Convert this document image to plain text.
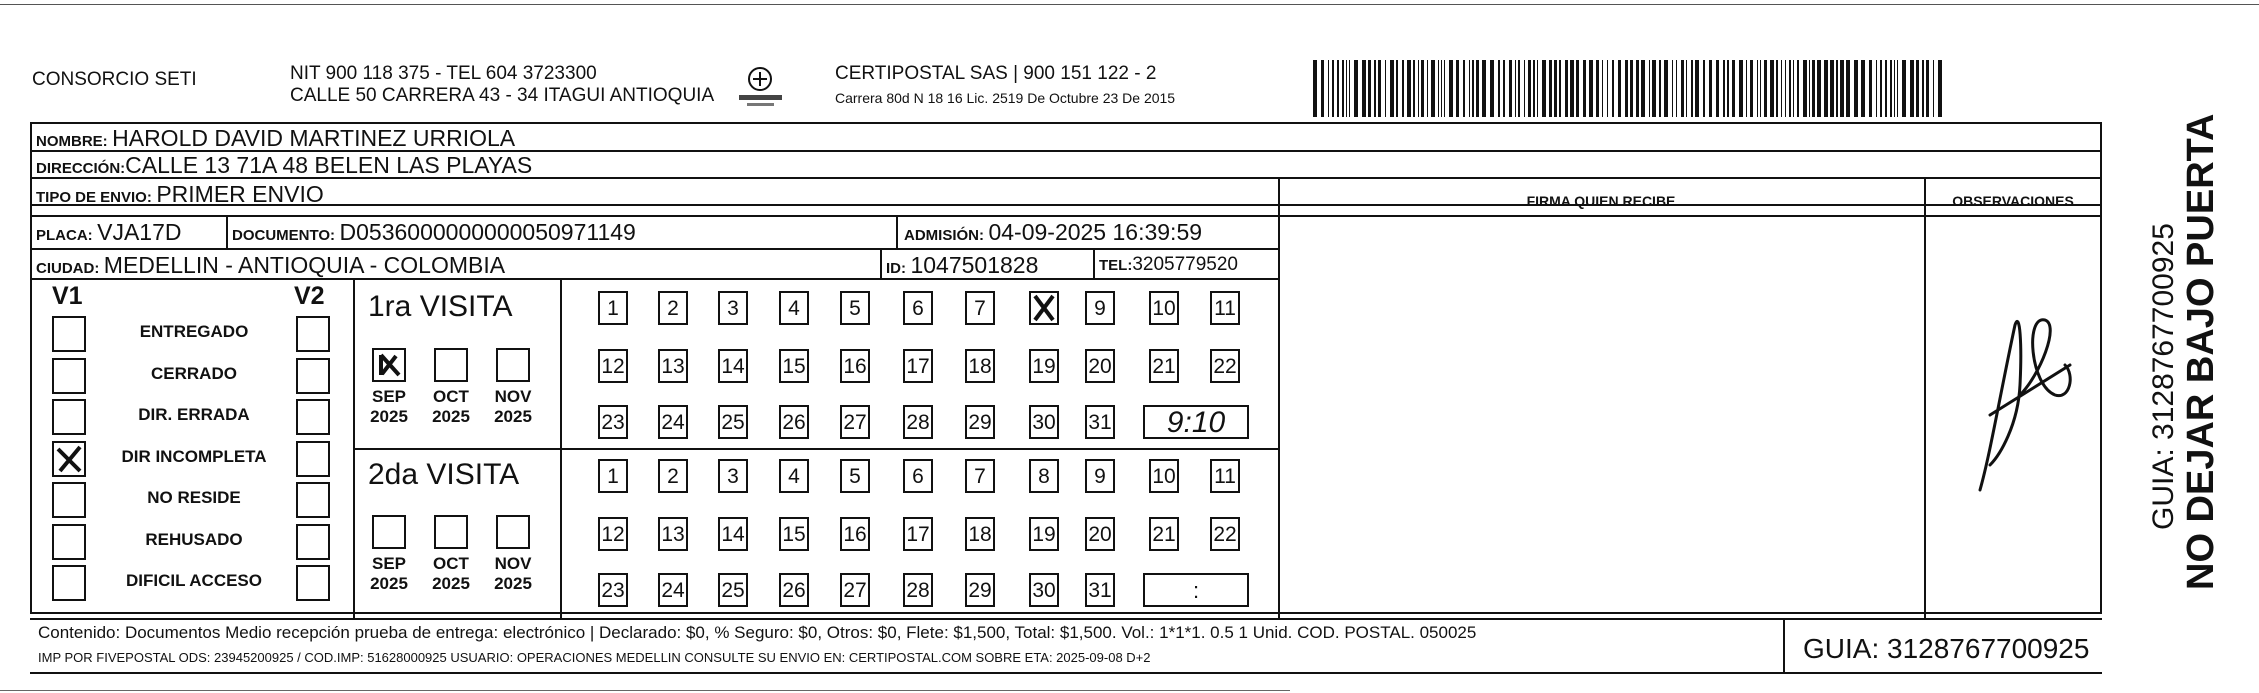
CONSORCIO SETI	NIT 900 118 375 - TEL 604 3723300
CALLE 50 CARRERA 43 - 34 ITAGUI ANTIOQUIA
CERTIPOSTAL SAS | 900 151 122 - 2
Carrera 80d N 18 16 Lic. 2519 De Octubre 23 De 2015
NOMBRE: HAROLD DAVID MARTINEZ URRIOLA
DIRECCIÓN:CALLE 13 71A 48 BELEN LAS PLAYAS
TIPO DE ENVIO: PRIMER ENVIO
PLACA: VJA17D	DOCUMENTO: D0536000000000050971149	ADMISIÓN: 04-09-2025 16:39:59
CIUDAD: MEDELLIN - ANTIOQUIA - COLOMBIA	ID: 1047501828	TEL:3205779520
FIRMA QUIEN RECIBE	OBSERVACIONES
V1	V2
ENTREGADO
CERRADO
DIR. ERRADA
DIR INCOMPLETA
NO RESIDE
REHUSADO
DIFICIL ACCESO
1ra VISITA
2da VISITA
1	2	3	4	5	6	7	9	10 11
12 13 14 15 16 17 18 19 20 21 22
23 24 25 26 27 28 29 30 31	9:10
1	2	3	4	5	6	7	8	9	10 11
12 13 14 15 16 17 18 19 20 21 22
23 24 25 26 27 28 29 30 31	:
SEP
2025
OCT
2025
NOV
2025
SEP
2025
OCT
2025
NOV
2025	NO DEJAR BAJO PUERTA
GUIA: 3128767700925
Contenido: Documentos Medio recepción prueba de entrega: electrónico | Declarado: $0, % Seguro: $0, Otros: $0, Flete: $1,500, Total: $1,500. Vol.: 1*1*1. 0.5 1 Unid. COD. POSTAL. 050025
IMP POR FIVEPOSTAL ODS: 23945200925 / COD.IMP: 51628000925 USUARIO: OPERACIONES MEDELLIN CONSULTE SU ENVIO EN: CERTIPOSTAL.COM SOBRE ETA: 2025-09-08 D+2	GUIA: 3128767700925
